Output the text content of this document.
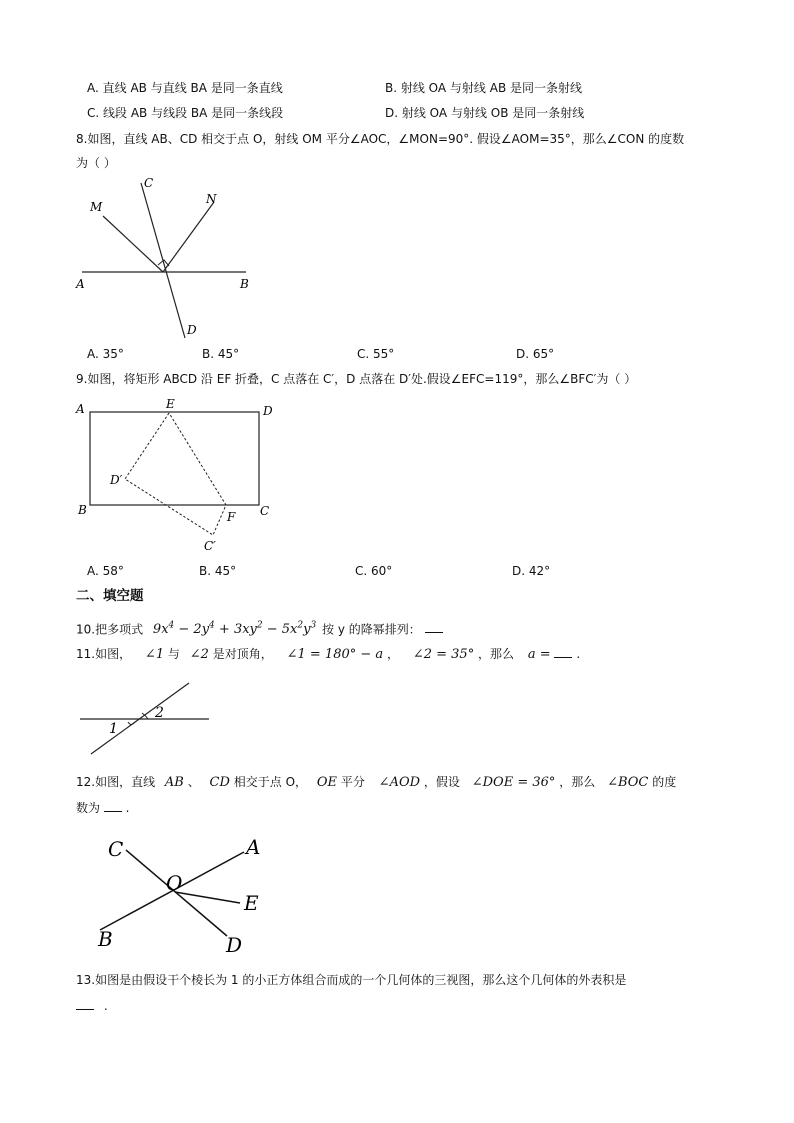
A. 直线 AB 与直线 BA 是同一条直线	B. 射线 OA 与射线 AB 是同一条射线
C. 线段 AB 与线段 BA 是同一条线段	D. 射线 OA 与射线 OB 是同一条射线
8.如图，直线 AB、CD 相交于点 O，射线 OM 平分∠AOC，∠MON=90°. 假设∠AOM=35°，那么∠CON 的度数
为（ ）
C
N
M
A	B
D
A. 35°	B. 45°	C. 55°	D. 65°
9.如图，将矩形 ABCD 沿 EF 折叠，C 点落在 C′，D 点落在 D′处.假设∠EFC=119°，那么∠BFC′为（ ）
A	E	D
D′
B	F C
C′
A. 58°	B. 45°	C. 60°	D. 42°
二、填空题
10.把多项式 $9x^4 - 2y^4 + 3xy^2 - 5x^2y^3$ 按 y 的降幂排列：
11.如图， ∠1 与 ∠2 是对顶角， ∠1 = 180° − a ， ∠2 = 35° ，那么 a = .
1
2
12.如图，直线 AB 、 CD 相交于点 O， OE 平分 ∠AOD ，假设 ∠DOE = 36° ，那么 ∠BOC 的度
数为 .
C	A
O
E
B	D
13.如图是由假设干个棱长为 1 的小正方体组合而成的一个几何体的三视图，那么这个几何体的外表积是
.
